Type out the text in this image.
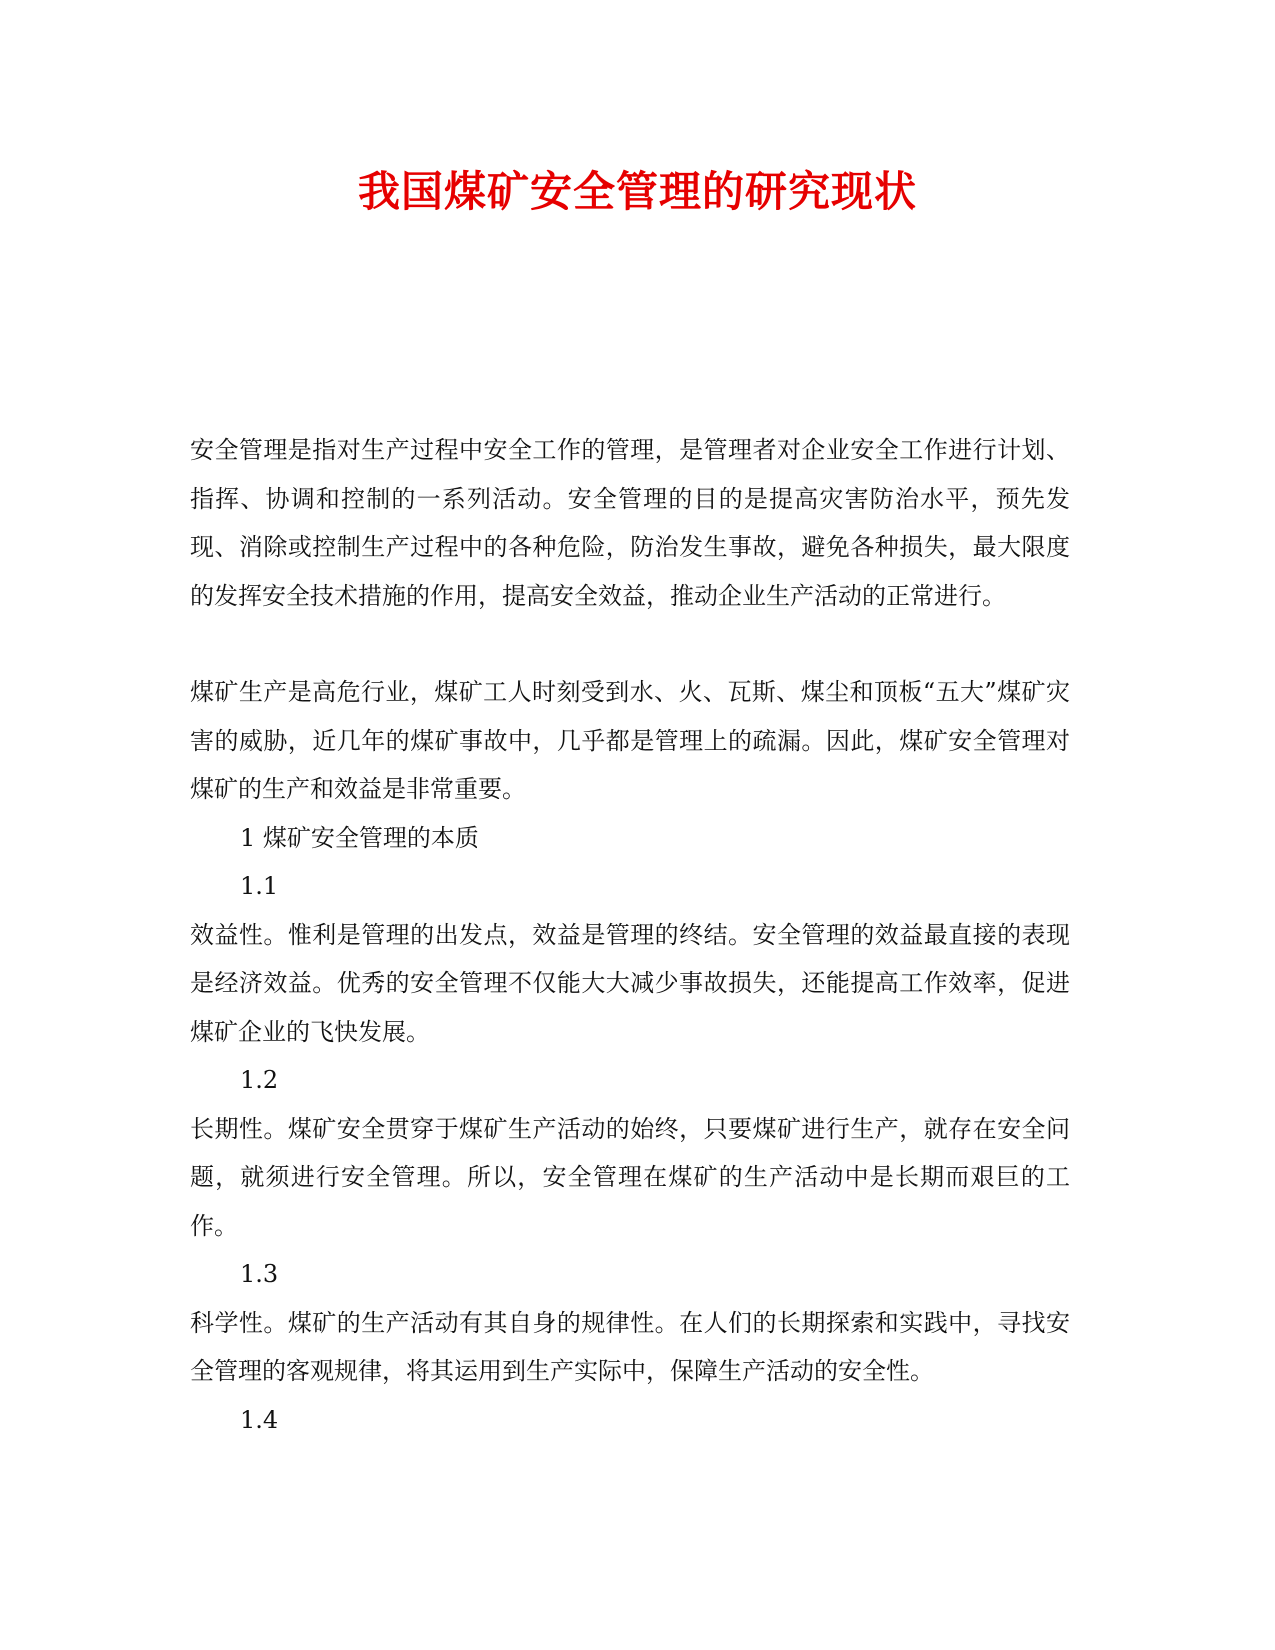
我国煤矿安全管理的研究现状

安全管理是指对生产过程中安全工作的管理，是管理者对企业安全工作进行计划、指挥、协调和控制的一系列活动。安全管理的目的是提高灾害防治水平，预先发现、消除或控制生产过程中的各种危险，防治发生事故，避免各种损失，最大限度的发挥安全技术措施的作用，提高安全效益，推动企业生产活动的正常进行。

煤矿生产是高危行业，煤矿工人时刻受到水、火、瓦斯、煤尘和顶板“五大”煤矿灾害的威胁，近几年的煤矿事故中，几乎都是管理上的疏漏。因此，煤矿安全管理对煤矿的生产和效益是非常重要。

1 煤矿安全管理的本质

1.1

效益性。惟利是管理的出发点，效益是管理的终结。安全管理的效益最直接的表现是经济效益。优秀的安全管理不仅能大大减少事故损失，还能提高工作效率，促进煤矿企业的飞快发展。

1.2

长期性。煤矿安全贯穿于煤矿生产活动的始终，只要煤矿进行生产，就存在安全问题，就须进行安全管理。所以，安全管理在煤矿的生产活动中是长期而艰巨的工作。

1.3

科学性。煤矿的生产活动有其自身的规律性。在人们的长期探索和实践中，寻找安全管理的客观规律，将其运用到生产实际中，保障生产活动的安全性。

1.4
